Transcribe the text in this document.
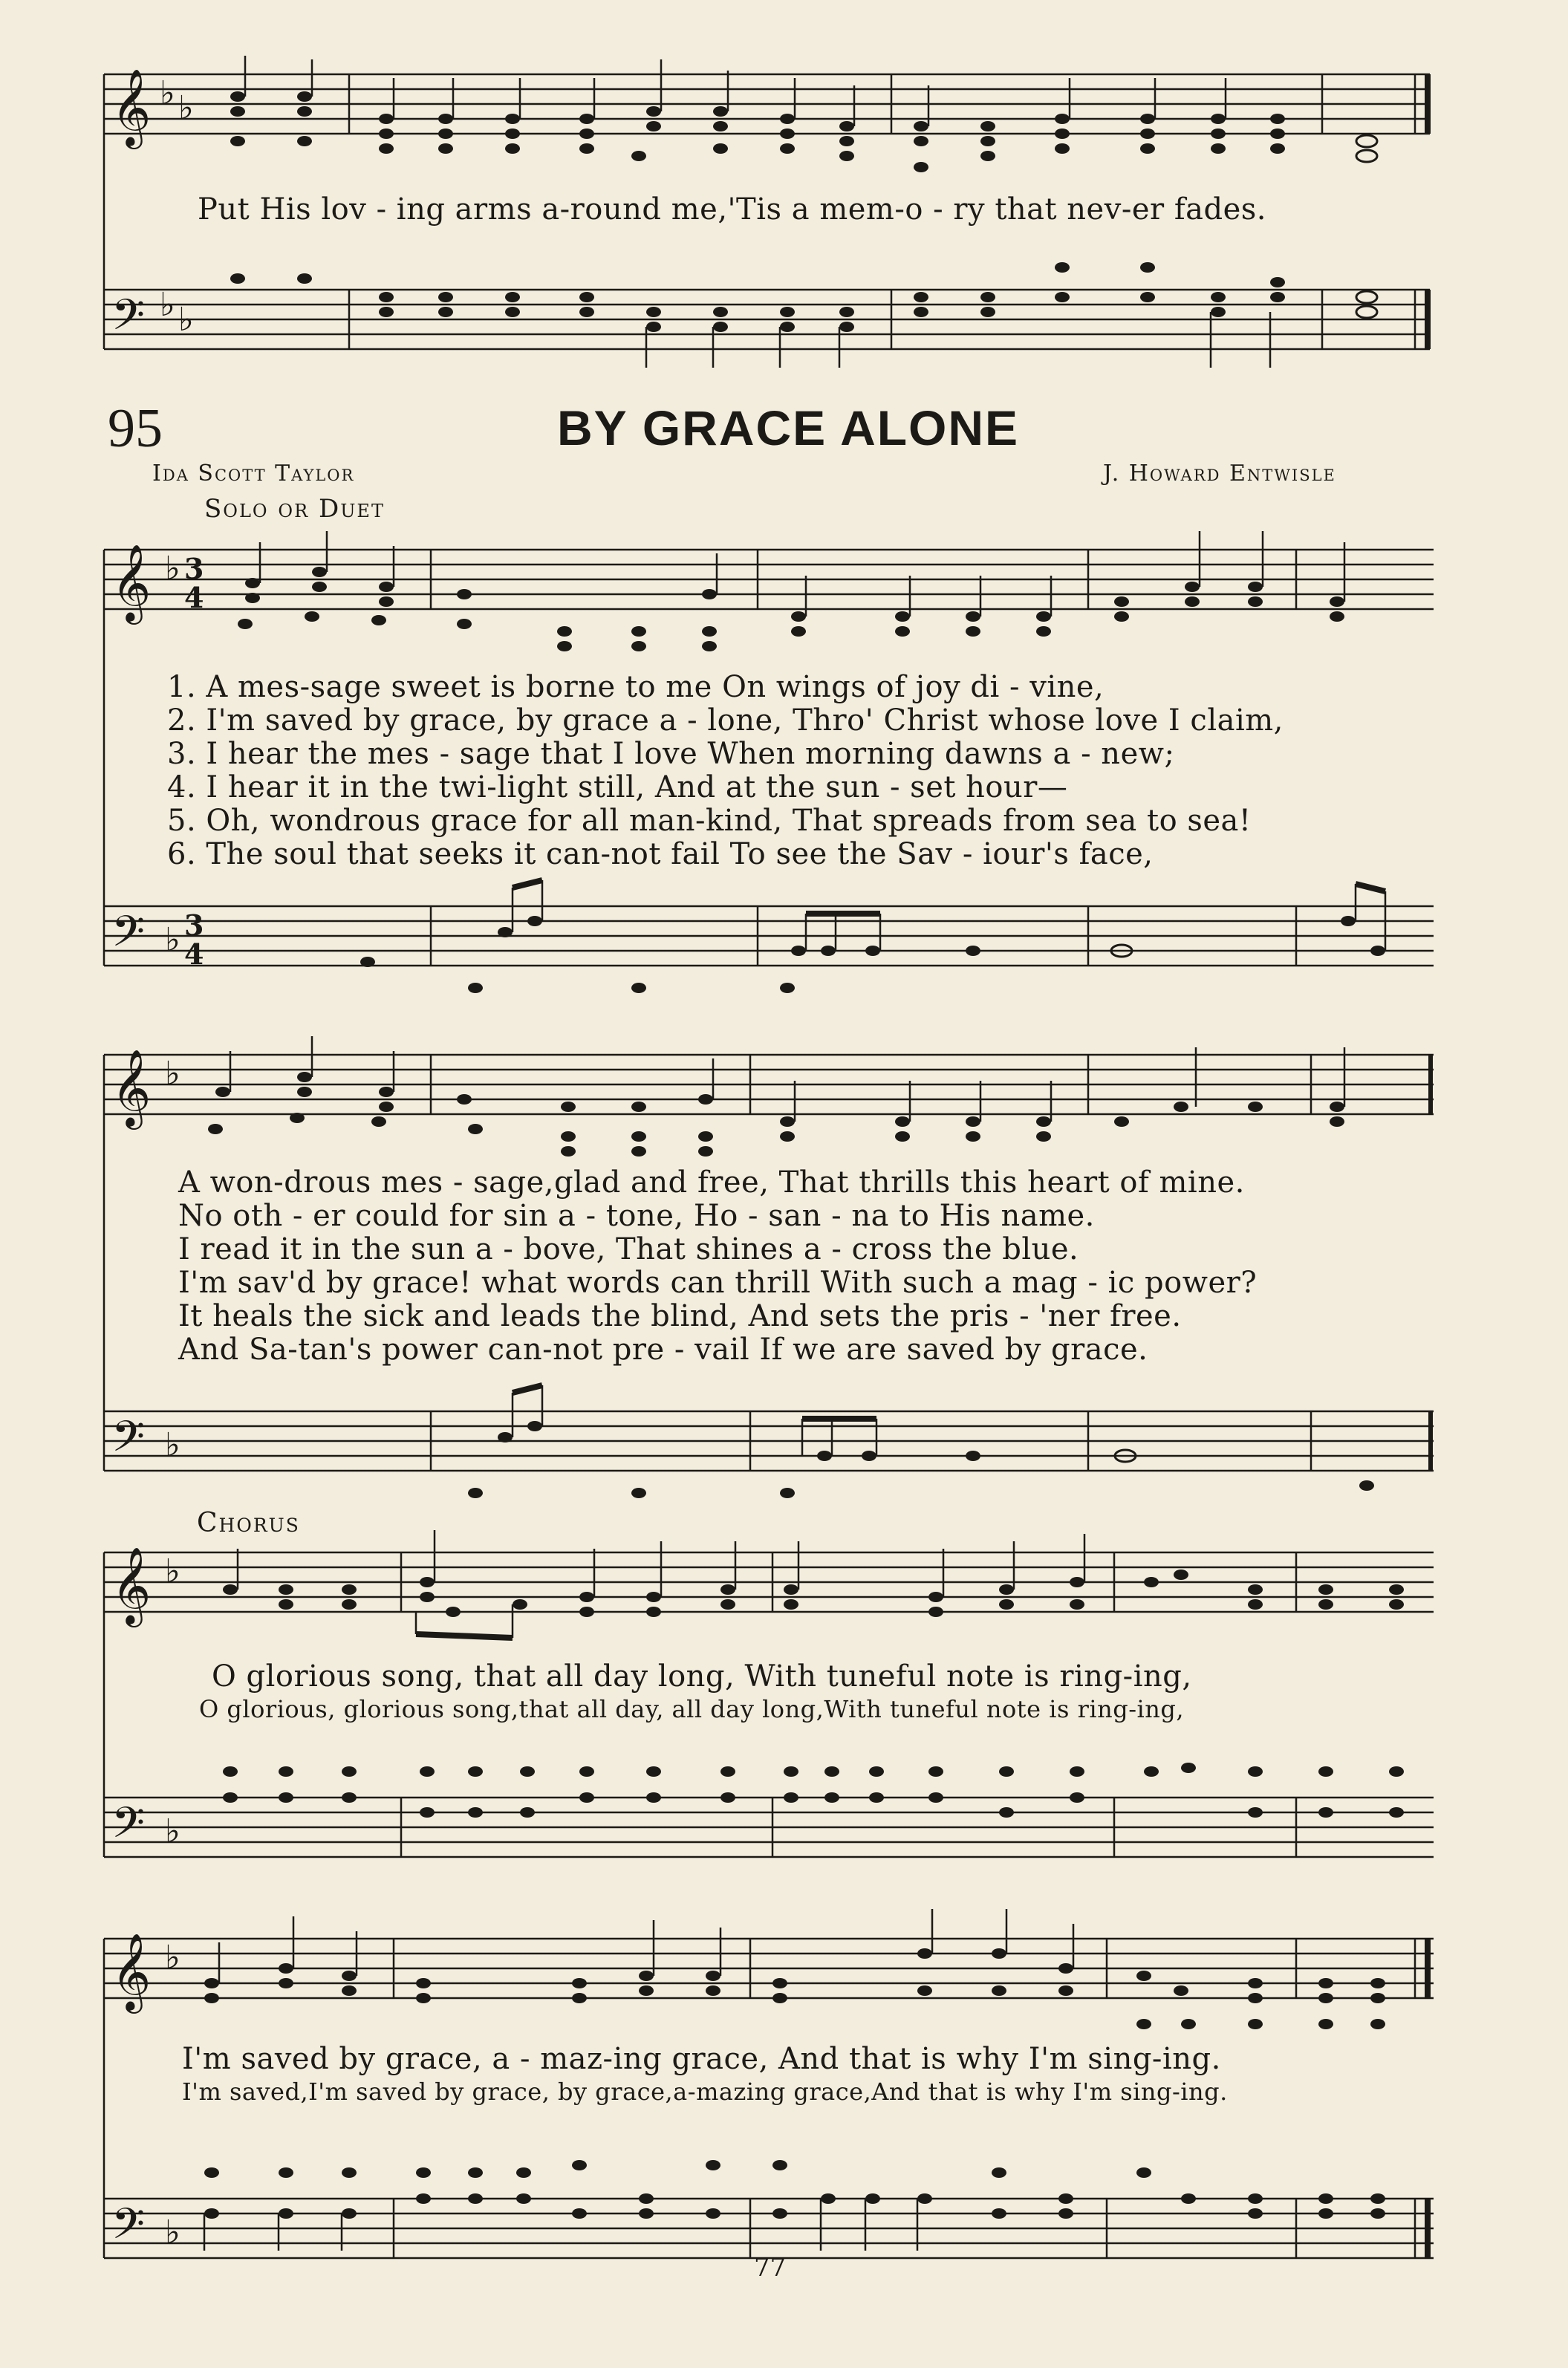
𝄞
𝄢
♭ ♭
♭ ♭
Put His lov - ing arms a-round me,'Tis a mem-o - ry that nev-er fades.
95	BY GRACE ALONE
Ida Scott Taylor	J. Howard Entwisle
Solo or Duet
𝄞
𝄢
♭
♭
3
4
3
4
1. A mes-sage sweet is borne to me On wings of joy di - vine,
2. I'm saved by grace, by grace a - lone, Thro' Christ whose love I claim,
3. I hear the mes - sage that I love When morning dawns a - new;
4. I hear it in the twi-light still, And at the sun - set hour—
5. Oh, wondrous grace for all man-kind, That spreads from sea to sea!
6. The soul that seeks it can-not fail To see the Sav - iour's face,
𝄞
𝄢
♭
♭
A won-drous mes - sage,glad and free, That thrills this heart of mine.
No oth - er could for sin a - tone, Ho - san - na to His name.
I read it in the sun a - bove, That shines a - cross the blue.
I'm sav'd by grace! what words can thrill With such a mag - ic power?
It heals the sick and leads the blind, And sets the pris - 'ner free.
And Sa-tan's power can-not pre - vail If we are saved by grace.
Chorus
𝄞
𝄢
♭
♭
O glorious song, that all day long, With tuneful note is ring-ing,
O glorious, glorious song,that all day, all day long,With tuneful note is ring-ing,
𝄞
𝄢
♭
♭
I'm saved by grace, a - maz-ing grace, And that is why I'm sing-ing.
I'm saved,I'm saved by grace, by grace,a-mazing grace,And that is why I'm sing-ing.
77
